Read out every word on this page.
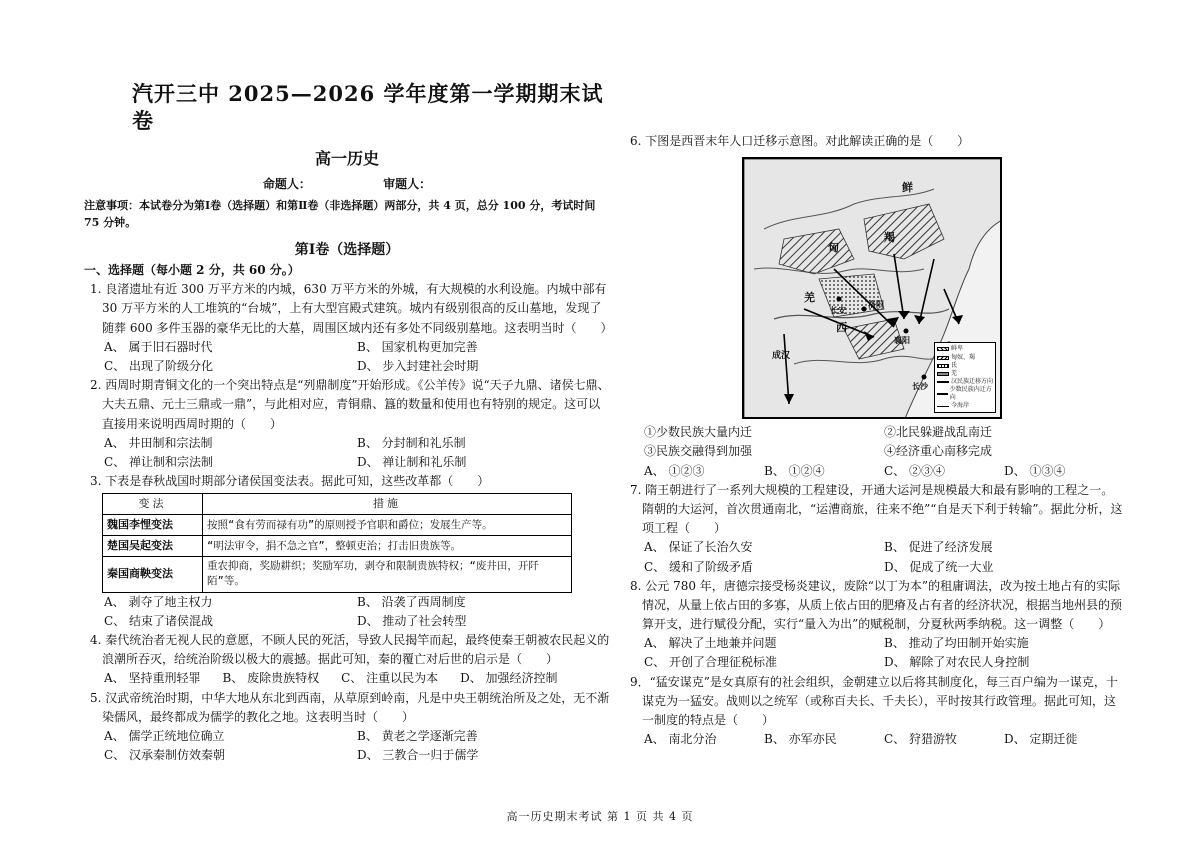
汽开三中 2025—2026 学年度第一学期期末试卷
高一历史
命题人：	审题人：
注意事项：本试卷分为第Ⅰ卷（选择题）和第Ⅱ卷（非选择题）两部分，共 4 页，总分 100 分，考试时间 75 分钟。
第Ⅰ卷（选择题）
一、选择题（每小题 2 分，共 60 分。）
1. 良渚遗址有近 300 万平方米的内城，630 万平方米的外城，有大规模的水利设施。内城中部有 30 万平方米的人工堆筑的“台城”，上有大型宫殿式建筑。城内有级别很高的反山墓地，发现了随葬 600 多件玉器的豪华无比的大墓，周围区域内还有多处不同级别墓地。这表明当时（　　）
A、 属于旧石器时代	B、 国家机构更加完善
C、 出现了阶级分化	D、 步入封建社会时期
2. 西周时期青铜文化的一个突出特点是“列鼎制度”开始形成。《公羊传》说“天子九鼎、诸侯七鼎、大夫五鼎、元士三鼎或一鼎”，与此相对应，青铜鼎、簋的数量和使用也有特别的规定。这可以直接用来说明西周时期的（　　）
A、 井田制和宗法制	B、 分封制和礼乐制
C、 禅让制和宗法制	D、 禅让制和礼乐制
3. 下表是春秋战国时期部分诸侯国变法表。据此可知，这些改革都（　　）
变法	措施
魏国李悝变法	按照“食有劳而禄有功”的原则授予官职和爵位；发展生产等。
楚国吴起变法	“明法审令，捐不急之官”，整顿吏治；打击旧贵族等。
秦国商鞅变法	重农抑商，奖励耕织；奖励军功，剥夺和限制贵族特权；“废井田，开阡陌”等。
A、 剥夺了地主权力	B、 沿袭了西周制度
C、 结束了诸侯混战	D、 推动了社会转型
4. 秦代统治者无视人民的意愿，不顾人民的死活，导致人民揭竿而起，最终使秦王朝被农民起义的浪潮所吞灭，给统治阶级以极大的震撼。据此可知，秦的覆亡对后世的启示是（　　）
A、 坚持重刑轻罪 B、 废除贵族特权 C、 注重以民为本 D、 加强经济控制
5. 汉武帝统治时期，中华大地从东北到西南，从草原到岭南，凡是中央王朝统治所及之处，无不渐染儒风，最终都成为儒学的教化之地。这表明当时（　　）
A、 儒学正统地位确立	B、 黄老之学逐渐完善
C、 汉承秦制仿效秦朝	D、 三教合一归于儒学
6. 下图是西晋末年人口迁移示意图。对此解读正确的是（　　）
鲜
羯
匈
羌
西
成汉
洛阳
长安
襄阳
长沙
鲜卑
匈奴、羯
氐
羌
汉民族迁移方向
少数民族内迁方向
今海岸
①少数民族大量内迁	②北民躲避战乱南迁
③民族交融得到加强	④经济重心南移完成
A、 ①②③	B、 ①②④	C、 ②③④	D、 ①③④
7. 隋王朝进行了一系列大规模的工程建设，开通大运河是规模最大和最有影响的工程之一。隋朝的大运河，首次贯通南北，“运漕商旅，往来不绝”“自是天下利于转输”。据此分析，这项工程（　　）
A、 保证了长治久安	B、 促进了经济发展
C、 缓和了阶级矛盾	D、 促成了统一大业
8. 公元 780 年，唐德宗接受杨炎建议，废除“以丁为本”的租庸调法，改为按土地占有的实际情况，从量上依占田的多寡，从质上依占田的肥瘠及占有者的经济状况，根据当地州县的预算开支，进行赋役分配，实行“量入为出”的赋税制，分夏秋两季纳税。这一调整（　　）
A、 解决了土地兼并问题	B、 推动了均田制开始实施
C、 开创了合理征税标准	D、 解除了对农民人身控制
9．“猛安谋克”是女真原有的社会组织，金朝建立以后将其制度化，每三百户编为一谋克，十谋克为一猛安。战则以之统军（或称百夫长、千夫长），平时按其行政管理。据此可知，这一制度的特点是（　　）
A、 南北分治	B、 亦军亦民	C、 狩猎游牧	D、 定期迁徙
高一历史期末考试 第 1 页 共 4 页
